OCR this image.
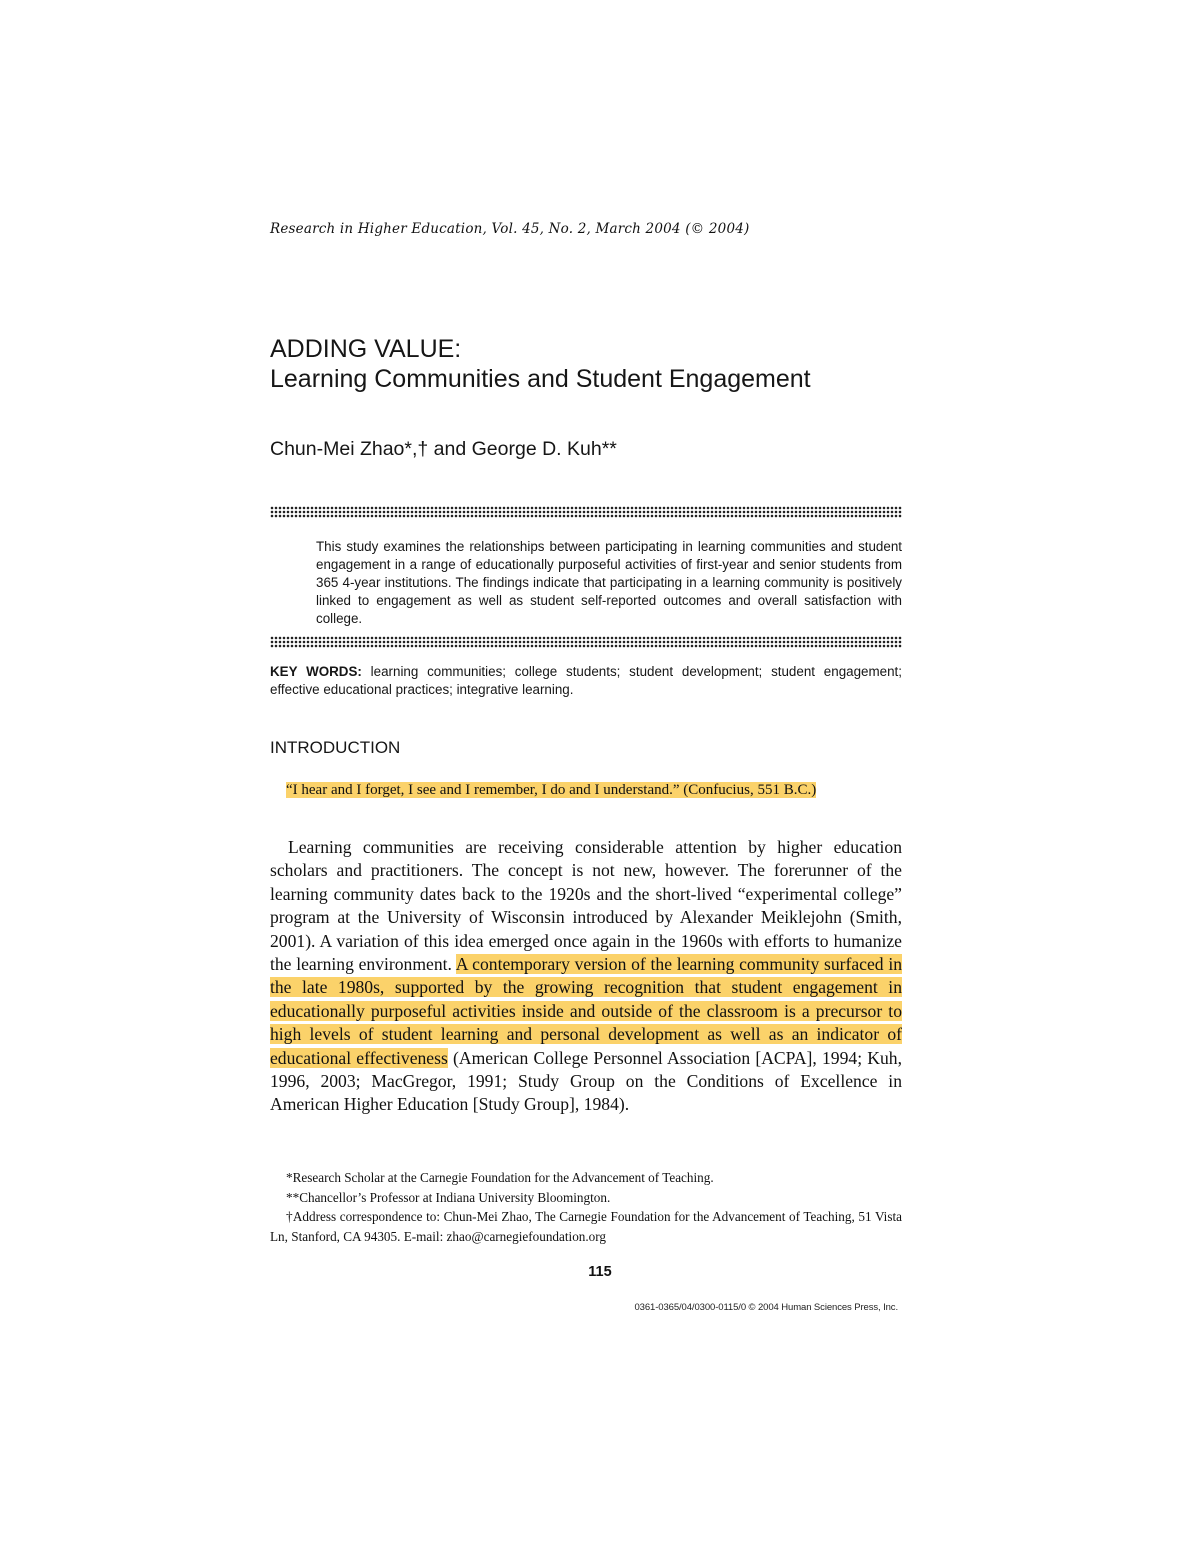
Research in Higher Education, Vol. 45, No. 2, March 2004 (© 2004)
ADDING VALUE:
Learning Communities and Student Engagement
Chun-Mei Zhao*,† and George D. Kuh**
This study examines the relationships between participating in learning communities and student engagement in a range of educationally purposeful activities of first-year and senior students from 365 4-year institutions. The findings indicate that participating in a learning community is positively linked to engagement as well as student self-reported outcomes and overall satisfaction with college.
KEY WORDS: learning communities; college students; student development; student engagement; effective educational practices; integrative learning.
INTRODUCTION
“I hear and I forget, I see and I remember, I do and I understand.” (Confucius, 551 B.C.)
Learning communities are receiving considerable attention by higher education scholars and practitioners. The concept is not new, however. The forerunner of the learning community dates back to the 1920s and the short-lived “experimental college” program at the University of Wisconsin introduced by Alexander Meiklejohn (Smith, 2001). A variation of this idea emerged once again in the 1960s with efforts to humanize the learning environment. A contemporary version of the learning community surfaced in the late 1980s, supported by the growing recognition that student engagement in educationally purposeful activities inside and outside of the classroom is a precursor to high levels of student learning and personal development as well as an indicator of educational effectiveness (American College Personnel Association [ACPA], 1994; Kuh, 1996, 2003; MacGregor, 1991; Study Group on the Conditions of Excellence in American Higher Education [Study Group], 1984).

*Research Scholar at the Carnegie Foundation for the Advancement of Teaching.

**Chancellor’s Professor at Indiana University Bloomington.

†Address correspondence to: Chun-Mei Zhao, The Carnegie Foundation for the Advancement of Teaching, 51 Vista Ln, Stanford, CA 94305. E-mail: zhao@carnegiefoundation.org

115
0361-0365/04/0300-0115/0 © 2004 Human Sciences Press, Inc.
